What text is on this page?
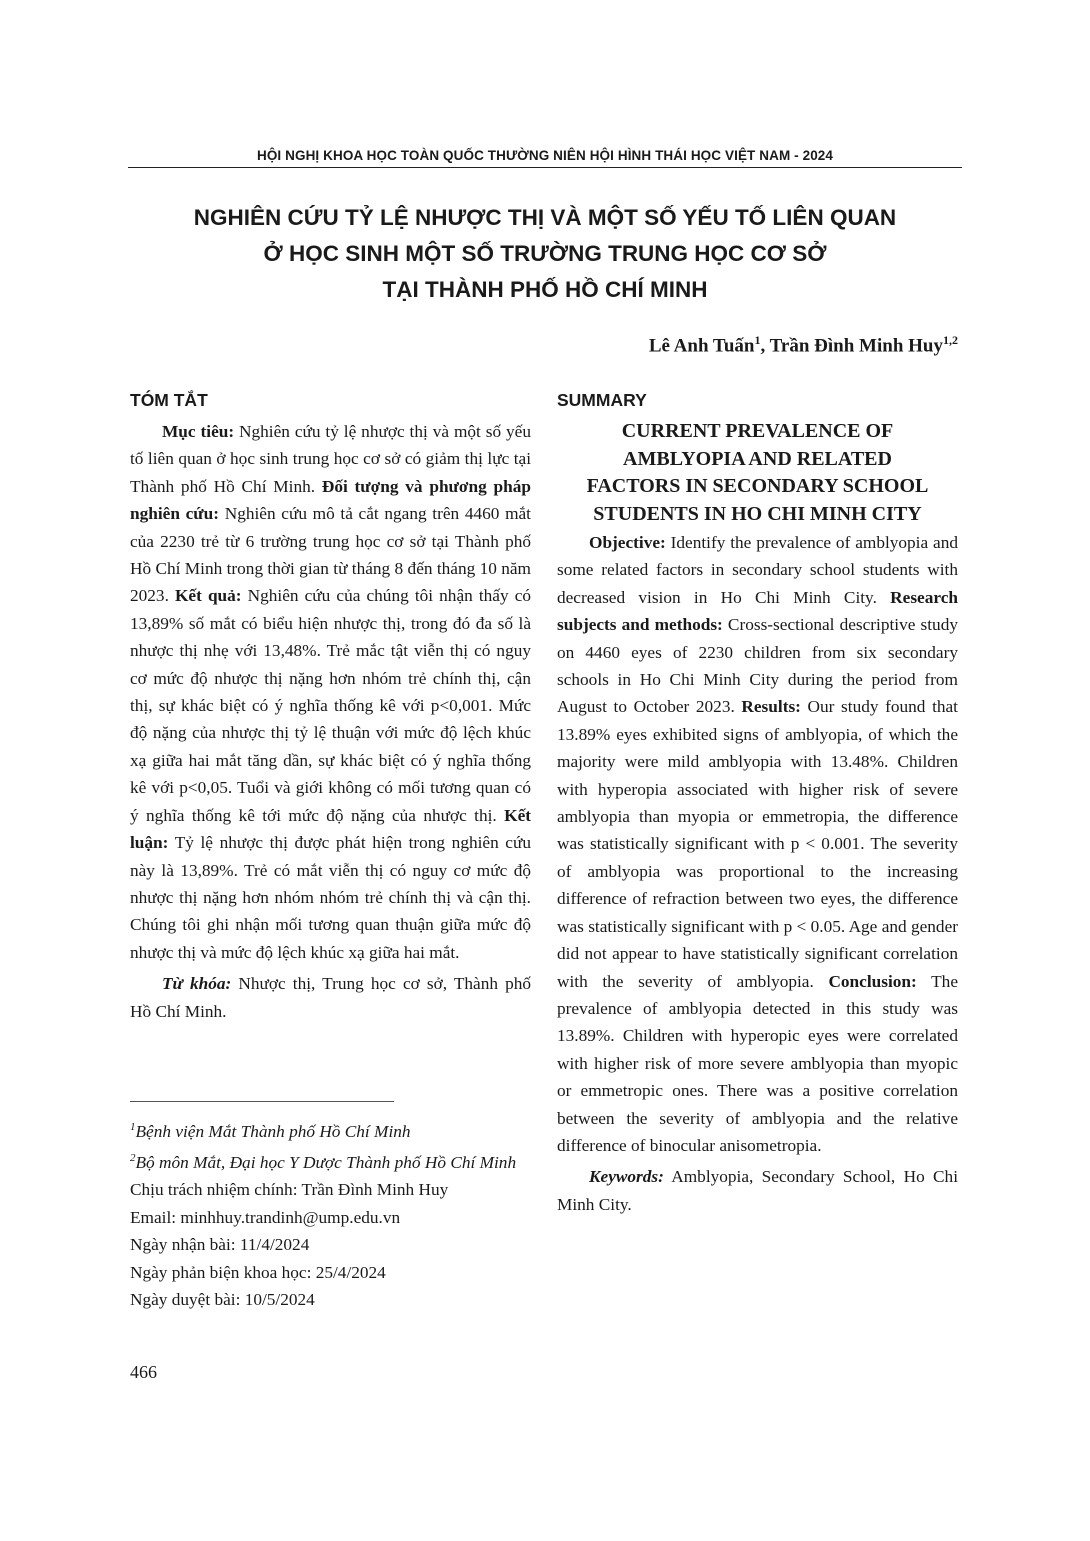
HỘI NGHỊ KHOA HỌC TOÀN QUỐC THƯỜNG NIÊN HỘI HÌNH THÁI HỌC VIỆT NAM - 2024
NGHIÊN CỨU TỶ LỆ NHƯỢC THỊ VÀ MỘT SỐ YẾU TỐ LIÊN QUAN
Ở HỌC SINH MỘT SỐ TRƯỜNG TRUNG HỌC CƠ SỞ
TẠI THÀNH PHỐ HỒ CHÍ MINH
Lê Anh Tuấn$^1$, Trần Đình Minh Huy$^{1,2}$
TÓM TẮT

Mục tiêu: Nghiên cứu tỷ lệ nhược thị và một số yếu tố liên quan ở học sinh trung học cơ sở có giảm thị lực tại Thành phố Hồ Chí Minh. Đối tượng và phương pháp nghiên cứu: Nghiên cứu mô tả cắt ngang trên 4460 mắt của 2230 trẻ từ 6 trường trung học cơ sở tại Thành phố Hồ Chí Minh trong thời gian từ tháng 8 đến tháng 10 năm 2023. Kết quả: Nghiên cứu của chúng tôi nhận thấy có 13,89% số mắt có biểu hiện nhược thị, trong đó đa số là nhược thị nhẹ với 13,48%. Trẻ mắc tật viễn thị có nguy cơ mức độ nhược thị nặng hơn nhóm trẻ chính thị, cận thị, sự khác biệt có ý nghĩa thống kê với p<0,001. Mức độ nặng của nhược thị tỷ lệ thuận với mức độ lệch khúc xạ giữa hai mắt tăng dần, sự khác biệt có ý nghĩa thống kê với p<0,05. Tuổi và giới không có mối tương quan có ý nghĩa thống kê tới mức độ nặng của nhược thị. Kết luận: Tỷ lệ nhược thị được phát hiện trong nghiên cứu này là 13,89%. Trẻ có mắt viễn thị có nguy cơ mức độ nhược thị nặng hơn nhóm nhóm trẻ chính thị và cận thị. Chúng tôi ghi nhận mối tương quan thuận giữa mức độ nhược thị và mức độ lệch khúc xạ giữa hai mắt.

Từ khóa: Nhược thị, Trung học cơ sở, Thành phố Hồ Chí Minh.

$^1$Bệnh viện Mắt Thành phố Hồ Chí Minh
$^2$Bộ môn Mắt, Đại học Y Dược Thành phố Hồ Chí Minh
Chịu trách nhiệm chính: Trần Đình Minh Huy
Email: minhhuy.trandinh@ump.edu.vn
Ngày nhận bài: 11/4/2024
Ngày phản biện khoa học: 25/4/2024
Ngày duyệt bài: 10/5/2024
SUMMARY
CURRENT PREVALENCE OF
AMBLYOPIA AND RELATED
FACTORS IN SECONDARY SCHOOL
STUDENTS IN HO CHI MINH CITY

Objective: Identify the prevalence of amblyopia and some related factors in secondary school students with decreased vision in Ho Chi Minh City. Research subjects and methods: Cross-sectional descriptive study on 4460 eyes of 2230 children from six secondary schools in Ho Chi Minh City during the period from August to October 2023. Results: Our study found that 13.89% eyes exhibited signs of amblyopia, of which the majority were mild amblyopia with 13.48%. Children with hyperopia associated with higher risk of severe amblyopia than myopia or emmetropia, the difference was statistically significant with p < 0.001. The severity of amblyopia was proportional to the increasing difference of refraction between two eyes, the difference was statistically significant with p < 0.05. Age and gender did not appear to have statistically significant correlation with the severity of amblyopia. Conclusion: The prevalence of amblyopia detected in this study was 13.89%. Children with hyperopic eyes were correlated with higher risk of more severe amblyopia than myopic or emmetropic ones. There was a positive correlation between the severity of amblyopia and the relative difference of binocular anisometropia.

Keywords: Amblyopia, Secondary School, Ho Chi Minh City.

466
